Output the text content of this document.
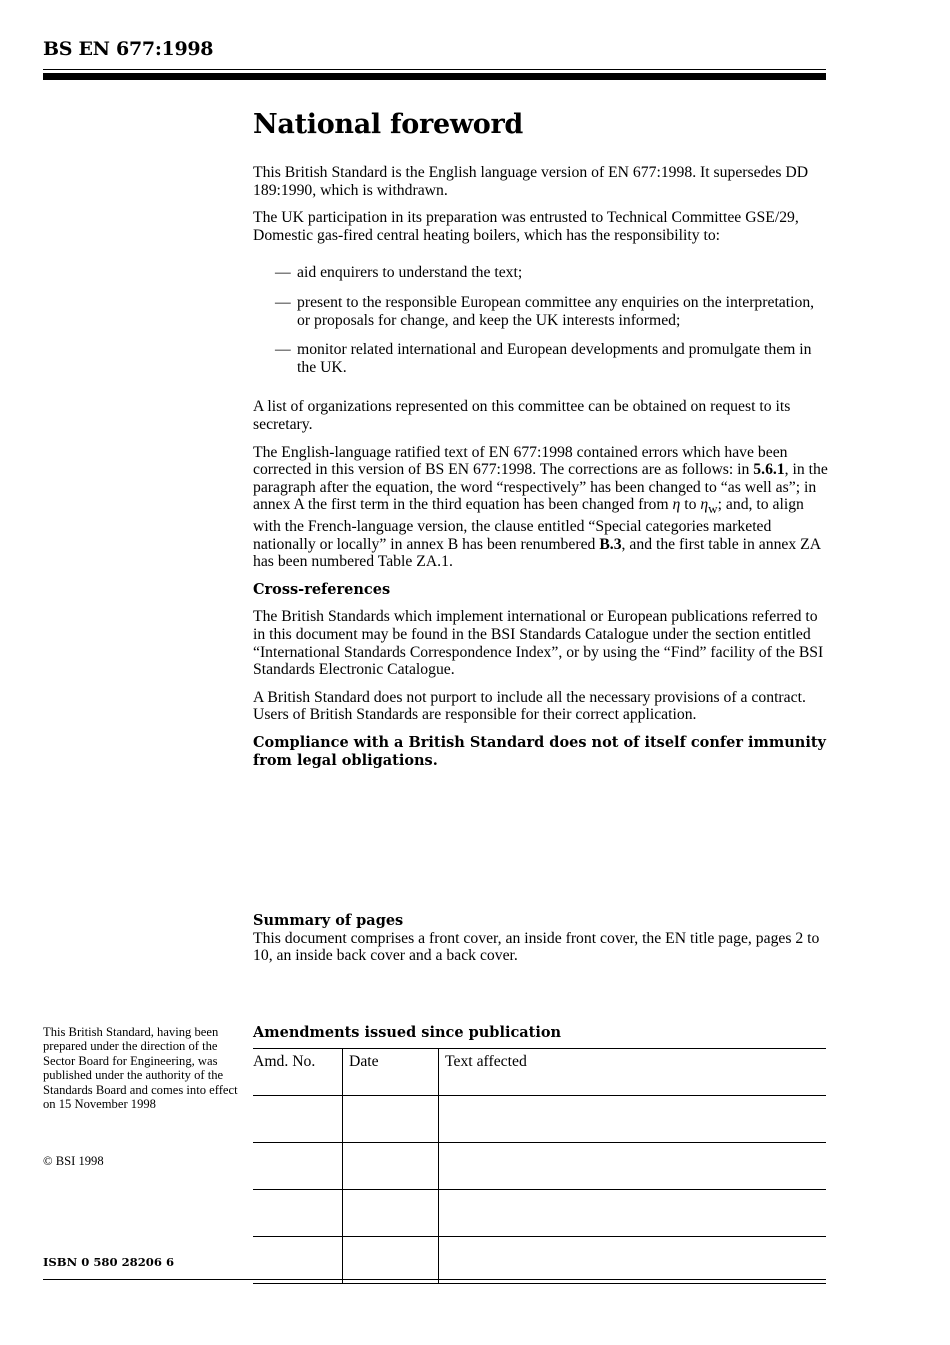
BS EN 677:1998
National foreword

This British Standard is the English language version of EN 677:1998. It supersedes DD 189:1990, which is withdrawn.

The UK participation in its preparation was entrusted to Technical Committee GSE/29, Domestic gas-fired central heating boilers, which has the responsibility to:

— aid enquirers to understand the text;
— present to the responsible European committee any enquiries on the interpretation, or proposals for change, and keep the UK interests informed;
— monitor related international and European developments and promulgate them in the UK.

A list of organizations represented on this committee can be obtained on request to its secretary.

The English-language ratified text of EN 677:1998 contained errors which have been corrected in this version of BS EN 677:1998. The corrections are as follows: in 5.6.1, in the paragraph after the equation, the word “respectively” has been changed to “as well as”; in annex A the first term in the third equation has been changed from η to $\eta_w$; and, to align with the French-language version, the clause entitled “Special categories marketed nationally or locally” in annex B has been renumbered B.3, and the first table in annex ZA has been numbered Table ZA.1.

Cross-references

The British Standards which implement international or European publications referred to in this document may be found in the BSI Standards Catalogue under the section entitled “International Standards Correspondence Index”, or by using the “Find” facility of the BSI Standards Electronic Catalogue.

A British Standard does not purport to include all the necessary provisions of a contract. Users of British Standards are responsible for their correct application.

Compliance with a British Standard does not of itself confer immunity from legal obligations.

Summary of pages

This document comprises a front cover, an inside front cover, the EN title page, pages 2 to 10, an inside back cover and a back cover.

This British Standard, having been prepared under the direction of the Sector Board for Engineering, was published under the authority of the Standards Board and comes into effect on 15 November 1998
© BSI 1998
ISBN 0 580 28206 6
Amendments issued since publication
Amd. No.	Date	Text affected
